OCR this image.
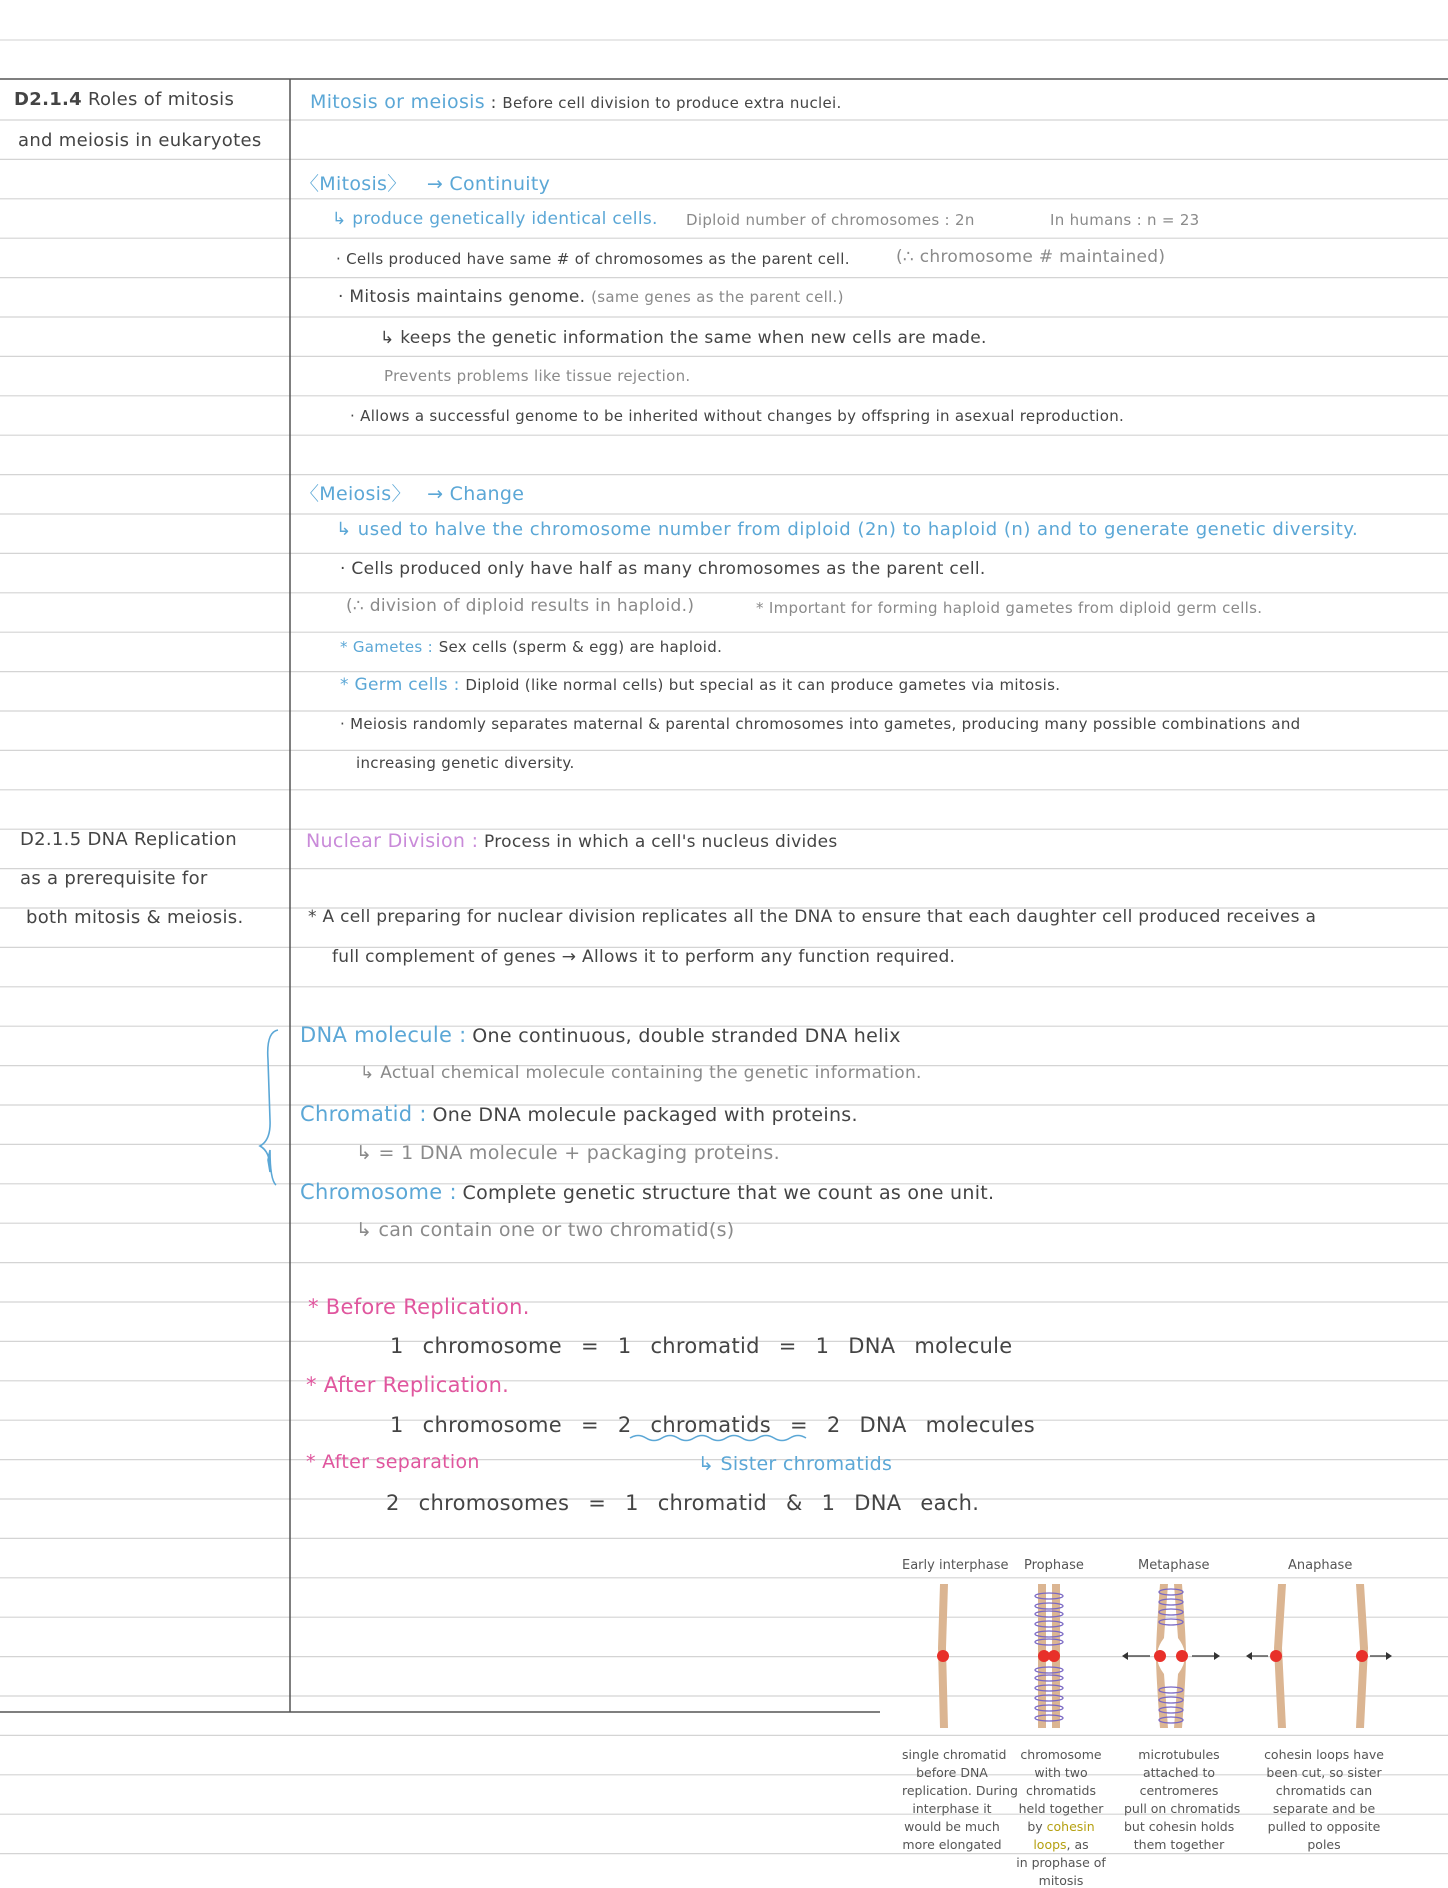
D2.1.4 Roles of mitosis
and meiosis in eukaryotes
D2.1.5 DNA Replication
as a prerequisite for
both mitosis & meiosis.
Mitosis or meiosis : Before cell division to produce extra nuclei.
〈Mitosis〉 → Continuity
↳ produce genetically identical cells. Diploid number of chromosomes : 2n	In humans : n = 23
· Cells produced have same # of chromosomes as the parent cell.	(∴ chromosome # maintained)
· Mitosis maintains genome. (same genes as the parent cell.)
↳ keeps the genetic information the same when new cells are made.
Prevents problems like tissue rejection.
· Allows a successful genome to be inherited without changes by offspring in asexual reproduction.
〈Meiosis〉 → Change
↳ used to halve the chromosome number from diploid (2n) to haploid (n) and to generate genetic diversity.
· Cells produced only have half as many chromosomes as the parent cell.
(∴ division of diploid results in haploid.)	* Important for forming haploid gametes from diploid germ cells.
* Gametes : Sex cells (sperm & egg) are haploid.
* Germ cells : Diploid (like normal cells) but special as it can produce gametes via mitosis.
· Meiosis randomly separates maternal & parental chromosomes into gametes, producing many possible combinations and
increasing genetic diversity.
Nuclear Division : Process in which a cell's nucleus divides
* A cell preparing for nuclear division replicates all the DNA to ensure that each daughter cell produced receives a
full complement of genes → Allows it to perform any function required.
DNA molecule : One continuous, double stranded DNA helix
↳ Actual chemical molecule containing the genetic information.
Chromatid : One DNA molecule packaged with proteins.
↳ = 1 DNA molecule + packaging proteins.
Chromosome : Complete genetic structure that we count as one unit.
↳ can contain one or two chromatid(s)
* Before Replication.
1 chromosome = 1 chromatid = 1 DNA molecule
* After Replication.
1 chromosome = 2 chromatids = 2 DNA molecules
↳ Sister chromatids
* After separation
2 chromosomes = 1 chromatid & 1 DNA each.
Early interphase Prophase	Metaphase	Anaphase
single chromatid
before DNA
replication. During
interphase it
would be much
more elongated
chromosome
with two
chromatids
held together
by cohesin
loops, as
in prophase of
mitosis
microtubules
attached to
centromeres
pull on chromatids
but cohesin holds
them together
cohesin loops have
been cut, so sister
chromatids can
separate and be
pulled to opposite
poles
